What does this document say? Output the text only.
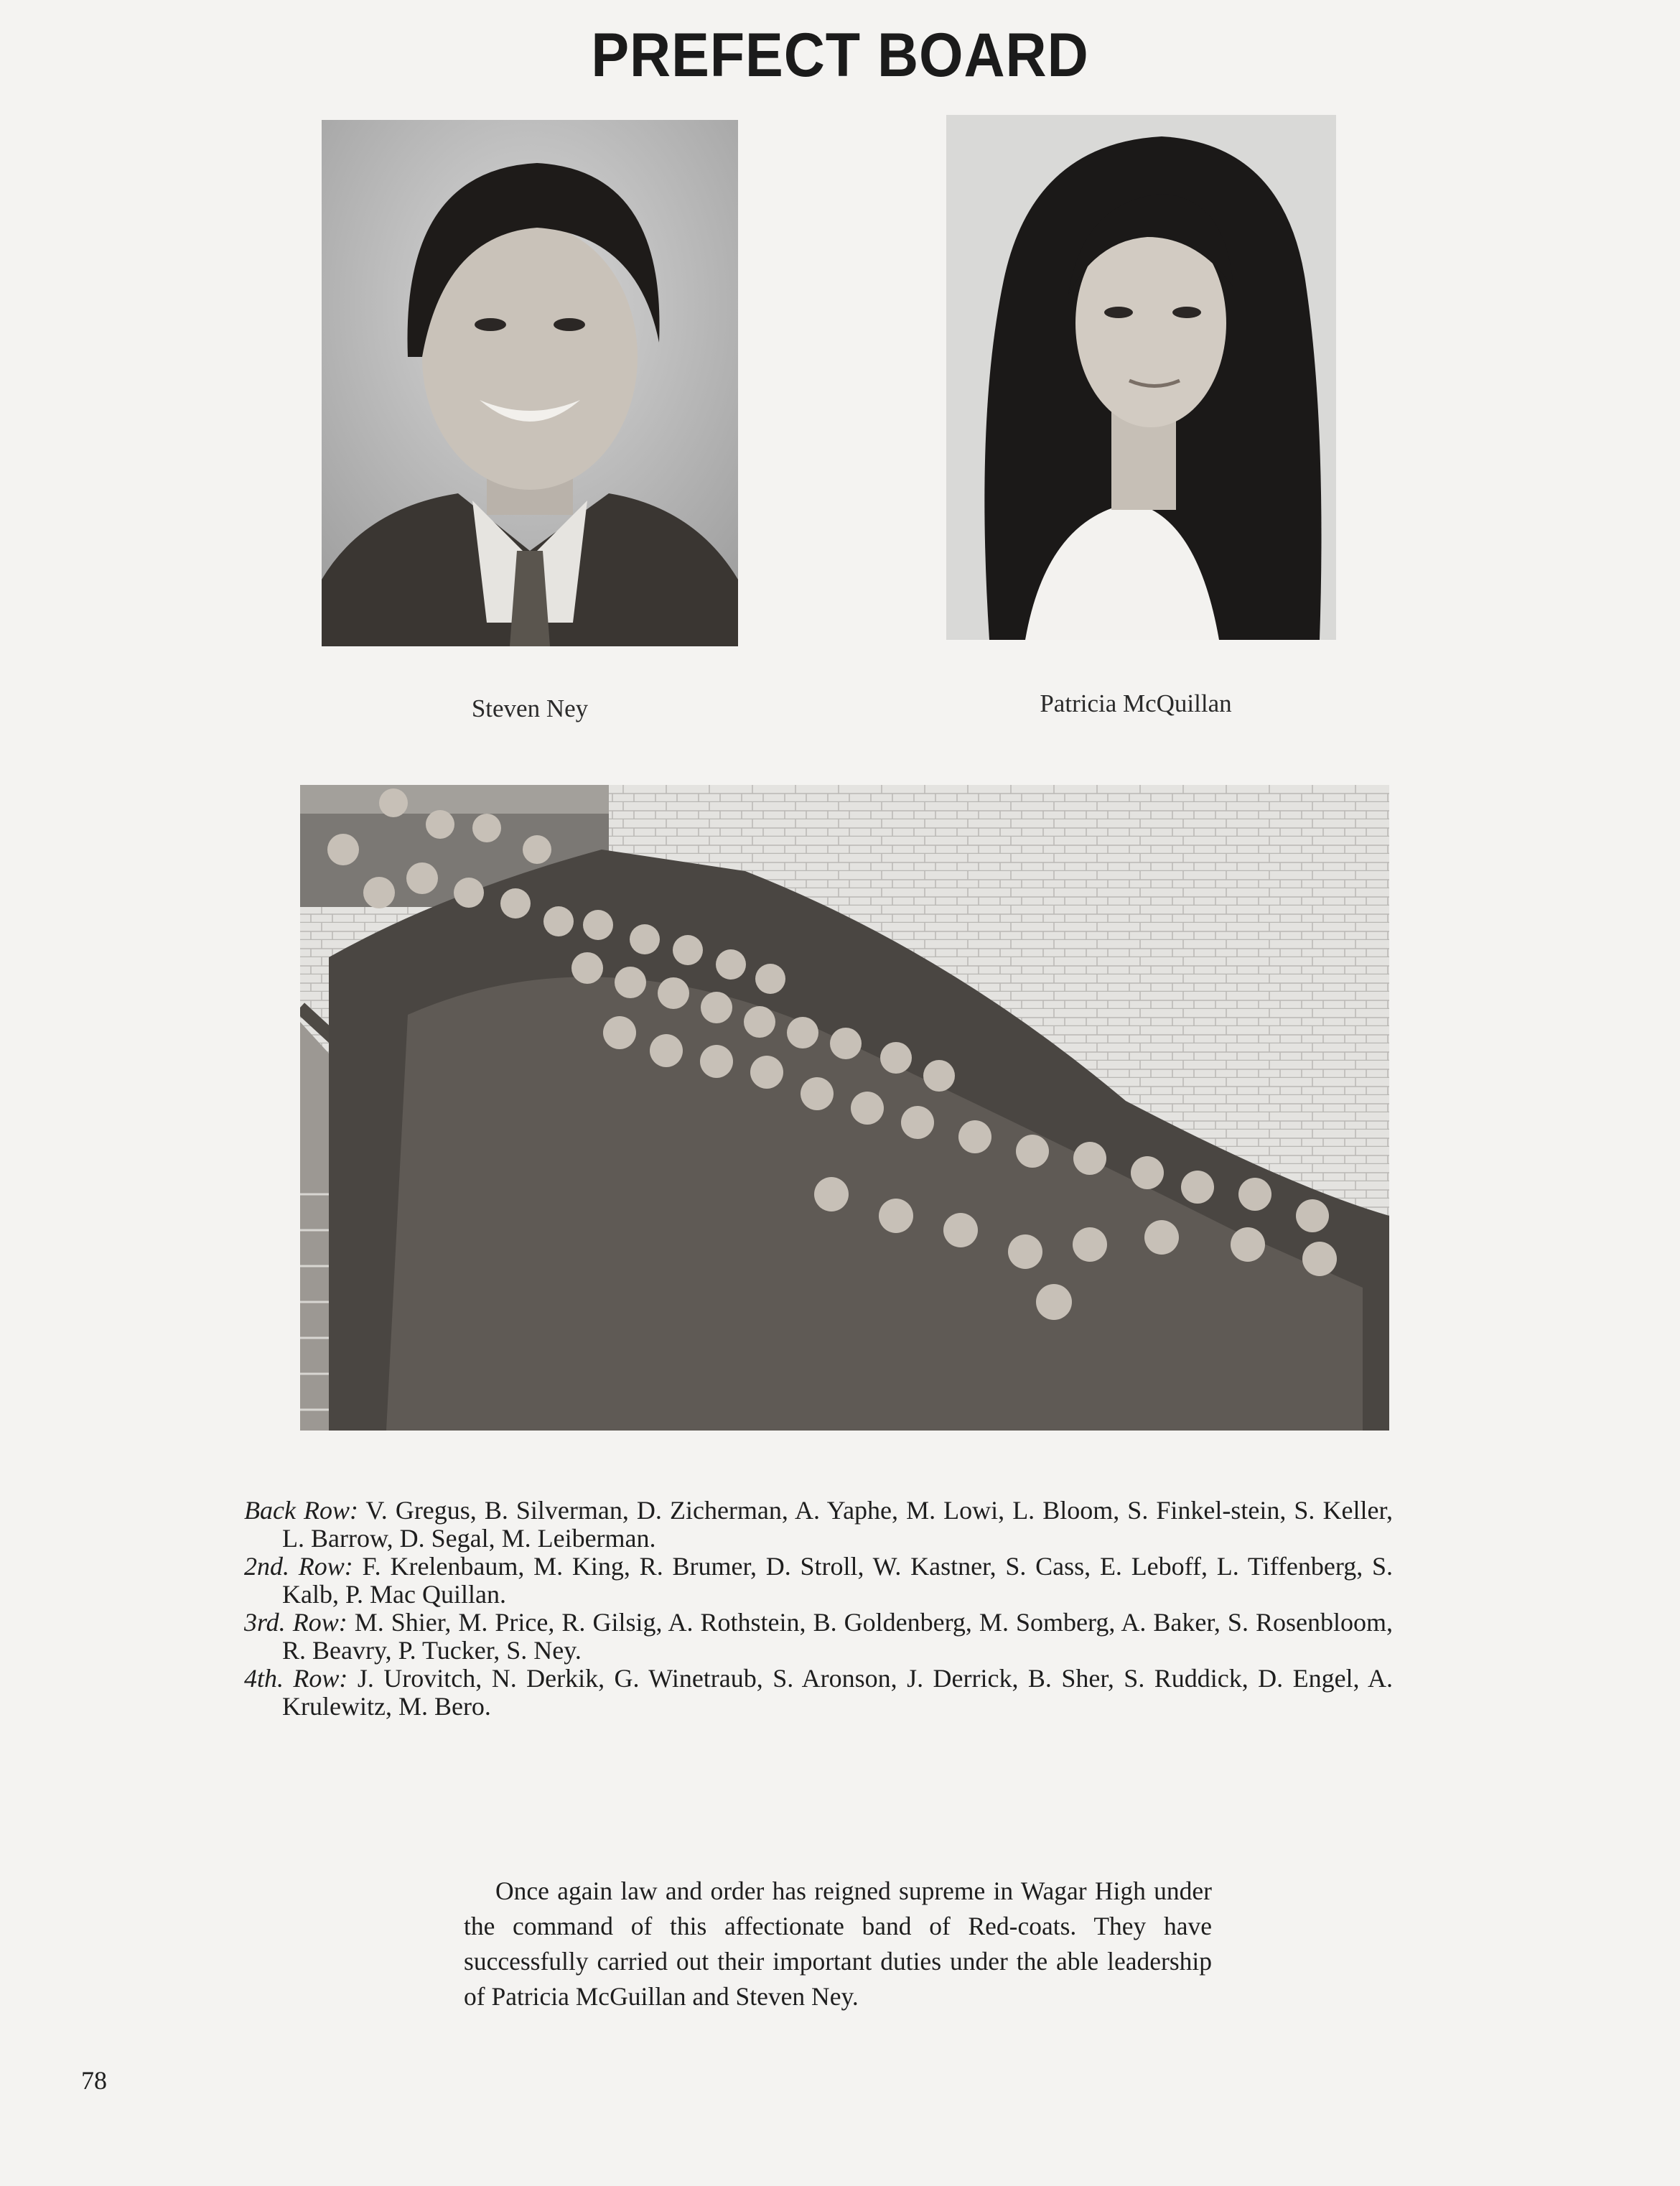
PREFECT BOARD
Steven Ney	Patricia McQuillan
Back Row: V. Gregus, B. Silverman, D. Zicherman, A. Yaphe, M. Lowi, L. Bloom, S. Finkel-stein, S. Keller, L. Barrow, D. Segal, M. Leiberman.
2nd. Row: F. Krelenbaum, M. King, R. Brumer, D. Stroll, W. Kastner, S. Cass, E. Leboff, L. Tiffenberg, S. Kalb, P. Mac Quillan.
3rd. Row: M. Shier, M. Price, R. Gilsig, A. Rothstein, B. Goldenberg, M. Somberg, A. Baker, S. Rosenbloom, R. Beavry, P. Tucker, S. Ney.
4th. Row: J. Urovitch, N. Derkik, G. Winetraub, S. Aronson, J. Derrick, B. Sher, S. Ruddick, D. Engel, A. Krulewitz, M. Bero.

Once again law and order has reigned supreme in Wagar High under the command of this affectionate band of Red-coats. They have successfully carried out their important duties under the able leadership of Patricia McGuillan and Steven Ney.

78
